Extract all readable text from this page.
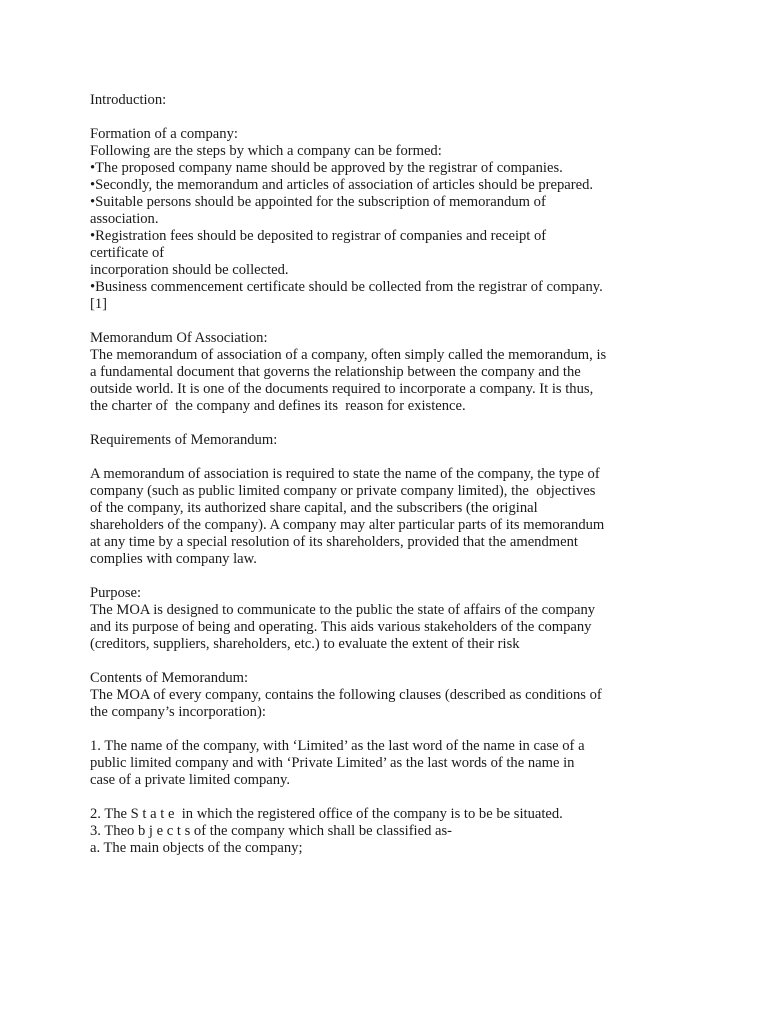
Introduction:
Formation of a company:
Following are the steps by which a company can be formed:
•The proposed company name should be approved by the registrar of companies.
•Secondly, the memorandum and articles of association of articles should be prepared.
•Suitable persons should be appointed for the subscription of memorandum of
association.
•Registration fees should be deposited to registrar of companies and receipt of
certificate of
incorporation should be collected.
•Business commencement certificate should be collected from the registrar of company.
[1]
Memorandum Of Association:
The memorandum of association of a company, often simply called the memorandum, is
a fundamental document that governs the relationship between the company and the
outside world. It is one of the documents required to incorporate a company. It is thus,
the charter of  the company and defines its  reason for existence.
Requirements of Memorandum:
A memorandum of association is required to state the name of the company, the type of
company (such as public limited company or private company limited), the  objectives
of the company, its authorized share capital, and the subscribers (the original
shareholders of the company). A company may alter particular parts of its memorandum
at any time by a special resolution of its shareholders, provided that the amendment
complies with company law.
Purpose:
The MOA is designed to communicate to the public the state of affairs of the company
and its purpose of being and operating. This aids various stakeholders of the company
(creditors, suppliers, shareholders, etc.) to evaluate the extent of their risk
Contents of Memorandum:
The MOA of every company, contains the following clauses (described as conditions of
the company’s incorporation):
1. The name of the company, with ‘Limited’ as the last word of the name in case of a
public limited company and with ‘Private Limited’ as the last words of the name in
case of a private limited company.
2. The S t a t e  in which the registered office of the company is to be be situated.
3. Theo b j e c t s of the company which shall be classified as-
a. The main objects of the company;
